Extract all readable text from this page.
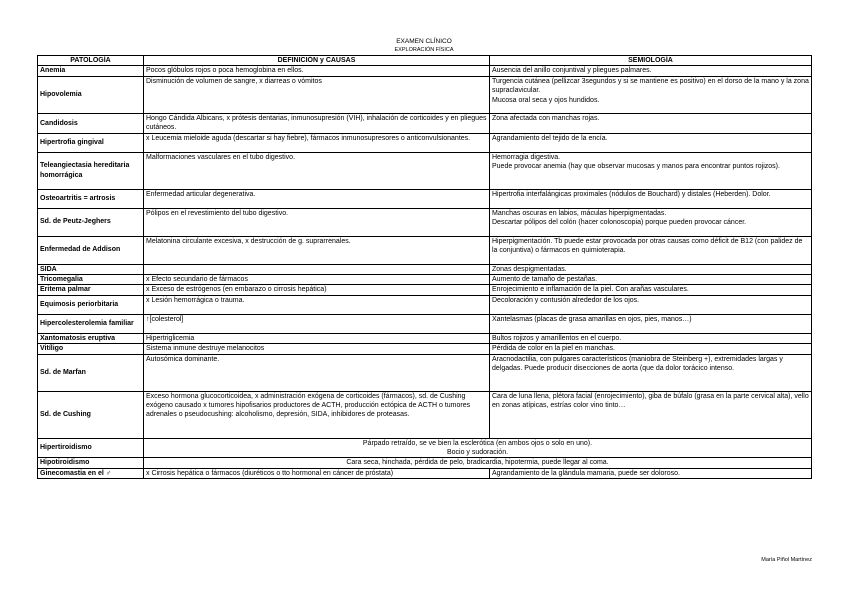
EXAMEN CLÍNICO
EXPLORACIÓN FÍSICA
PATOLOGÍA	DEFINICIÓN y CAUSAS	SEMIOLOGÍA
Anemia	Pocos glóbulos rojos o poca hemoglobina en ellos.	Ausencia del anillo conjuntival y pliegues palmares.
Hipovolemia	Disminución de volumen de sangre, x diarreas o vómitos	Turgencia cutánea (pellizcar 3segundos y si se mantiene es positivo) en el dorso de la mano y la zona supraclavicular.
Mucosa oral seca y ojos hundidos.
Candidosis	Hongo Cándida Albicans, x prótesis dentarias, inmunosupresión (VIH), inhalación de corticoides y en pliegues cutáneos.	Zona afectada con manchas rojas.
Hipertrofia gingival	x Leucemia mieloide aguda (descartar si hay fiebre), fármacos inmunosupresores o anticonvulsionantes.	Agrandamiento del tejido de la encía.
Teleangiectasia hereditaria homorrágica	Malformaciones vasculares en el tubo digestivo.	Hemorragia digestiva.
Puede provocar anemia (hay que observar mucosas y manos para encontrar puntos rojizos).
Osteoartritis = artrosis	Enfermedad articular degenerativa.	Hipertrofia interfalángicas proximales (nódulos de Bouchard) y distales (Heberden). Dolor.
Sd. de Peutz-Jeghers	Pólipos en el revestimiento del tubo digestivo.	Manchas oscuras en labios, máculas hiperpigmentadas.
Descartar pólipos del colón (hacer colonoscopia) porque pueden provocar cáncer.
Enfermedad de Addison	Melatonina circulante excesiva, x destrucción de g. suprarrenales.	Hiperpigmentación. Tb puede estar provocada por otras causas como déficit de B12 (con palidez de la conjuntiva) o fármacos en quimioterapia.
SIDA		Zonas despigmentadas.
Tricomegalia	x Efecto secundario de fármacos	Aumento de tamaño de pestañas.
Eritema palmar	x Exceso de estrógenos (en embarazo o cirrosis hepática)	Enrojecimiento e inflamación de la piel. Con arañas vasculares.
Equimosis periorbitaria	x Lesión hemorrágica o trauma.	Decoloración y contusión alrededor de los ojos.
Hipercolesterolemia familiar	↑[colesterol]	Xantelasmas (placas de grasa amarillas en ojos, pies, manos…)
Xantomatosis eruptiva	Hipertriglicemia	Bultos rojizos y amarillentos en el cuerpo.
Vitíligo	Sistema inmune destruye melanocitos	Pérdida de color en la piel en manchas.
Sd. de Marfan	Autosómica dominante.	Aracnodactilia, con pulgares característicos (maniobra de Steinberg +), extremidades largas y delgadas. Puede producir disecciones de aorta (que da dolor torácico intenso.
Sd. de Cushing	Exceso hormona glucocorticoidea, x administración exógena de corticoides (fármacos), sd. de Cushing exógeno causado x tumores hipofisarios productores de ACTH, producción ectópica de ACTH o tumores adrenales o pseudocushing: alcoholismo, depresión, SIDA, inhibidores de proteasas.	Cara de luna llena, plétora facial (enrojecimiento), giba de búfalo (grasa en la parte cervical alta), vello en zonas atípicas, estrías color vino tinto…
Hipertiroidismo	Párpado retraído, se ve bien la esclerótica (en ambos ojos o solo en uno).
Bocio y sudoración.	
Hipotiroidismo	Cara seca, hinchada, pérdida de pelo, bradicardia, hipotermia, puede llegar al coma.	
Ginecomastia en el ♂	x Cirrosis hepática o fármacos (diuréticos o tto hormonal en cáncer de próstata)	Agrandamiento de la glándula mamaria, puede ser doloroso.
María Piñol Martínez
